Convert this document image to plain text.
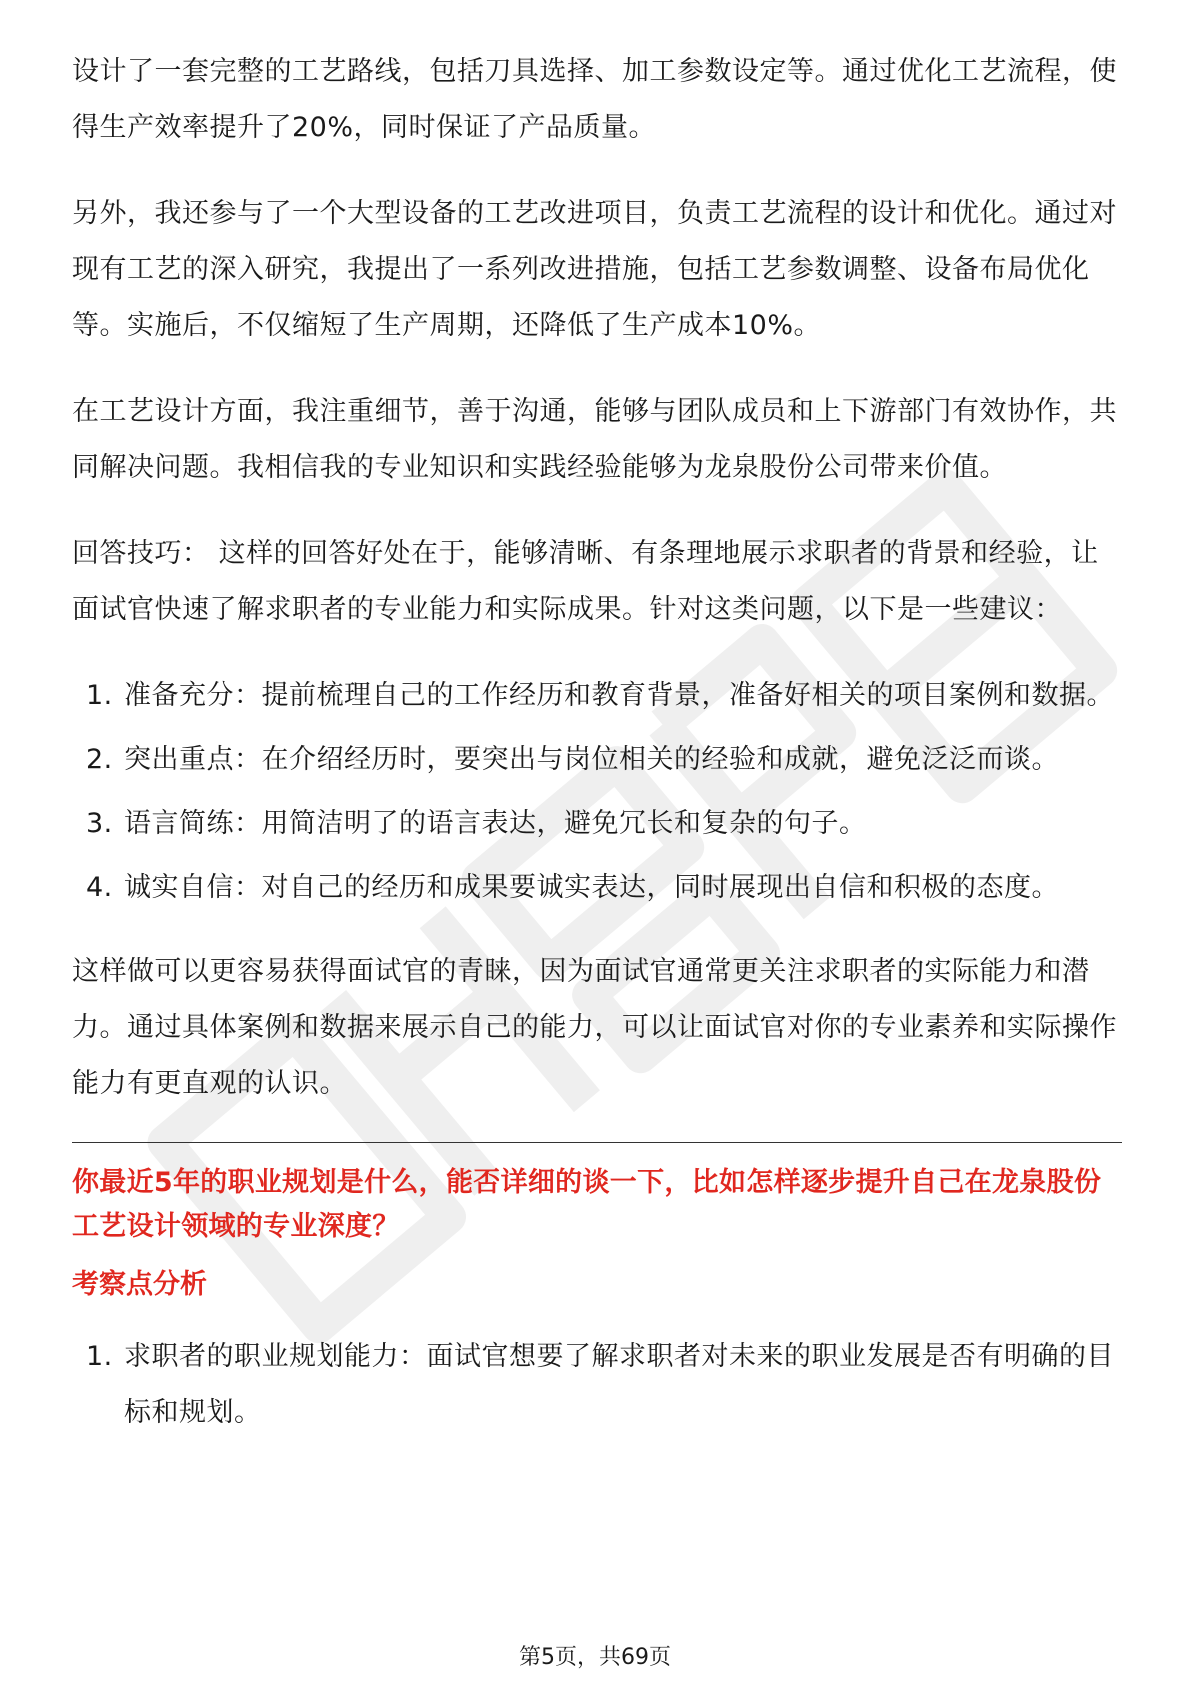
设计了一套完整的工艺路线，包括刀具选择、加工参数设定等。通过优化工艺流程，使得生产效率提升了20%，同时保证了产品质量。

另外，我还参与了一个大型设备的工艺改进项目，负责工艺流程的设计和优化。通过对现有工艺的深入研究，我提出了一系列改进措施，包括工艺参数调整、设备布局优化等。实施后，不仅缩短了生产周期，还降低了生产成本10%。

在工艺设计方面，我注重细节，善于沟通，能够与团队成员和上下游部门有效协作，共同解决问题。我相信我的专业知识和实践经验能够为龙泉股份公司带来价值。

回答技巧： 这样的回答好处在于，能够清晰、有条理地展示求职者的背景和经验，让面试官快速了解求职者的专业能力和实际成果。针对这类问题，以下是一些建议：

1. 准备充分：提前梳理自己的工作经历和教育背景，准备好相关的项目案例和数据。
2. 突出重点：在介绍经历时，要突出与岗位相关的经验和成就，避免泛泛而谈。
3. 语言简练：用简洁明了的语言表达，避免冗长和复杂的句子。
4. 诚实自信：对自己的经历和成果要诚实表达，同时展现出自信和积极的态度。

这样做可以更容易获得面试官的青睐，因为面试官通常更关注求职者的实际能力和潜力。通过具体案例和数据来展示自己的能力，可以让面试官对你的专业素养和实际操作能力有更直观的认识。

你最近5年的职业规划是什么，能否详细的谈一下，比如怎样逐步提升自己在龙泉股份工艺设计领域的专业深度？

考察点分析

1. 求职者的职业规划能力：面试官想要了解求职者对未来的职业发展是否有明确的目标和规划。
第5页，共69页
